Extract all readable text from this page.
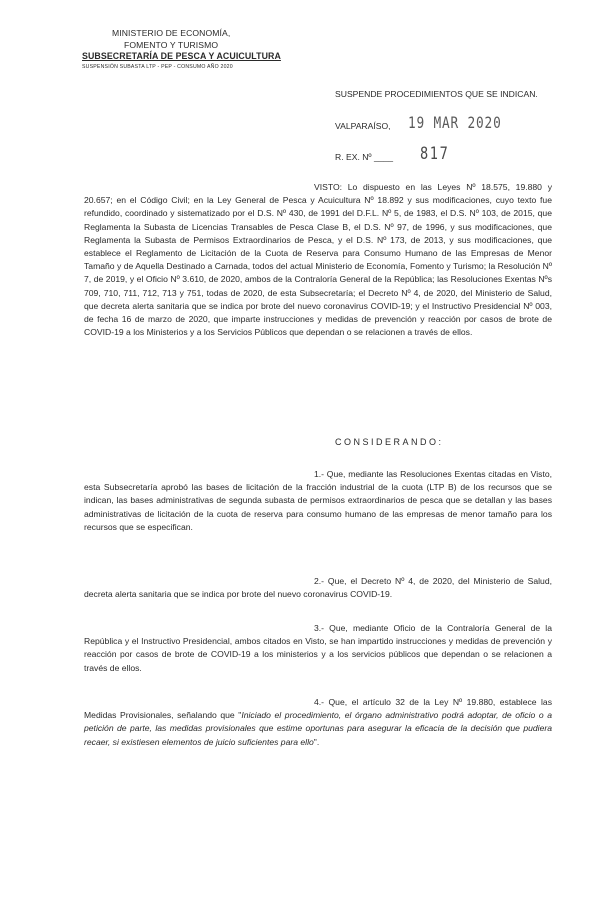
MINISTERIO DE ECONOMÍA,
FOMENTO Y TURISMO
SUBSECRETARÍA DE PESCA Y ACUICULTURA
SUSPENSIÓN SUBASTA LTP - PEP - CONSUMO AÑO 2020
SUSPENDE PROCEDIMIENTOS QUE SE INDICAN.
VALPARAÍSO, 19 MAR 2020
R. EX. Nº ____ 817

VISTO: Lo dispuesto en las Leyes Nº 18.575, 19.880 y 20.657; en el Código Civil; en la Ley General de Pesca y Acuicultura Nº 18.892 y sus modificaciones, cuyo texto fue refundido, coordinado y sistematizado por el D.S. Nº 430, de 1991 del D.F.L. Nº 5, de 1983, el D.S. Nº 103, de 2015, que Reglamenta la Subasta de Licencias Transables de Pesca Clase B, el D.S. Nº 97, de 1996, y sus modificaciones, que Reglamenta la Subasta de Permisos Extraordinarios de Pesca, y el D.S. Nº 173, de 2013, y sus modificaciones, que establece el Reglamento de Licitación de la Cuota de Reserva para Consumo Humano de las Empresas de Menor Tamaño y de Aquella Destinado a Carnada, todos del actual Ministerio de Economía, Fomento y Turismo; la Resolución Nº 7, de 2019, y el Oficio Nº 3.610, de 2020, ambos de la Contraloría General de la República; las Resoluciones Exentas Nºs 709, 710, 711, 712, 713 y 751, todas de 2020, de esta Subsecretaría; el Decreto Nº 4, de 2020, del Ministerio de Salud, que decreta alerta sanitaria que se indica por brote del nuevo coronavirus COVID-19; y el Instructivo Presidencial Nº 003, de fecha 16 de marzo de 2020, que imparte instrucciones y medidas de prevención y reacción por casos de brote de COVID-19 a los Ministerios y a los Servicios Públicos que dependan o se relacionen a través de ellos.

CONSIDERANDO:

1.- Que, mediante las Resoluciones Exentas citadas en Visto, esta Subsecretaría aprobó las bases de licitación de la fracción industrial de la cuota (LTP B) de los recursos que se indican, las bases administrativas de segunda subasta de permisos extraordinarios de pesca que se detallan y las bases administrativas de licitación de la cuota de reserva para consumo humano de las empresas de menor tamaño para los recursos que se especifican.

2.- Que, el Decreto Nº 4, de 2020, del Ministerio de Salud, decreta alerta sanitaria que se indica por brote del nuevo coronavirus COVID-19.

3.- Que, mediante Oficio de la Contraloría General de la República y el Instructivo Presidencial, ambos citados en Visto, se han impartido instrucciones y medidas de prevención y reacción por casos de brote de COVID-19 a los ministerios y a los servicios públicos que dependan o se relacionen a través de ellos.

4.- Que, el artículo 32 de la Ley Nº 19.880, establece las Medidas Provisionales, señalando que "Iniciado el procedimiento, el órgano administrativo podrá adoptar, de oficio o a petición de parte, las medidas provisionales que estime oportunas para asegurar la eficacia de la decisión que pudiera recaer, si existiesen elementos de juicio suficientes para ello".
